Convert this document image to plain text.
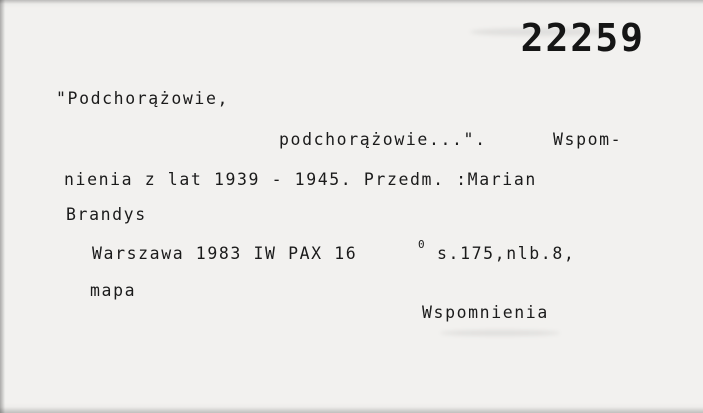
22259
"Podchorążowie,
podchorążowie...".	Wspom-
nienia z lat 1939 - 1945. Przedm. :Marian
Brandys
Warszawa 1983 IW PAX 16	0 s.175,nlb.8,
mapa
Wspomnienia
